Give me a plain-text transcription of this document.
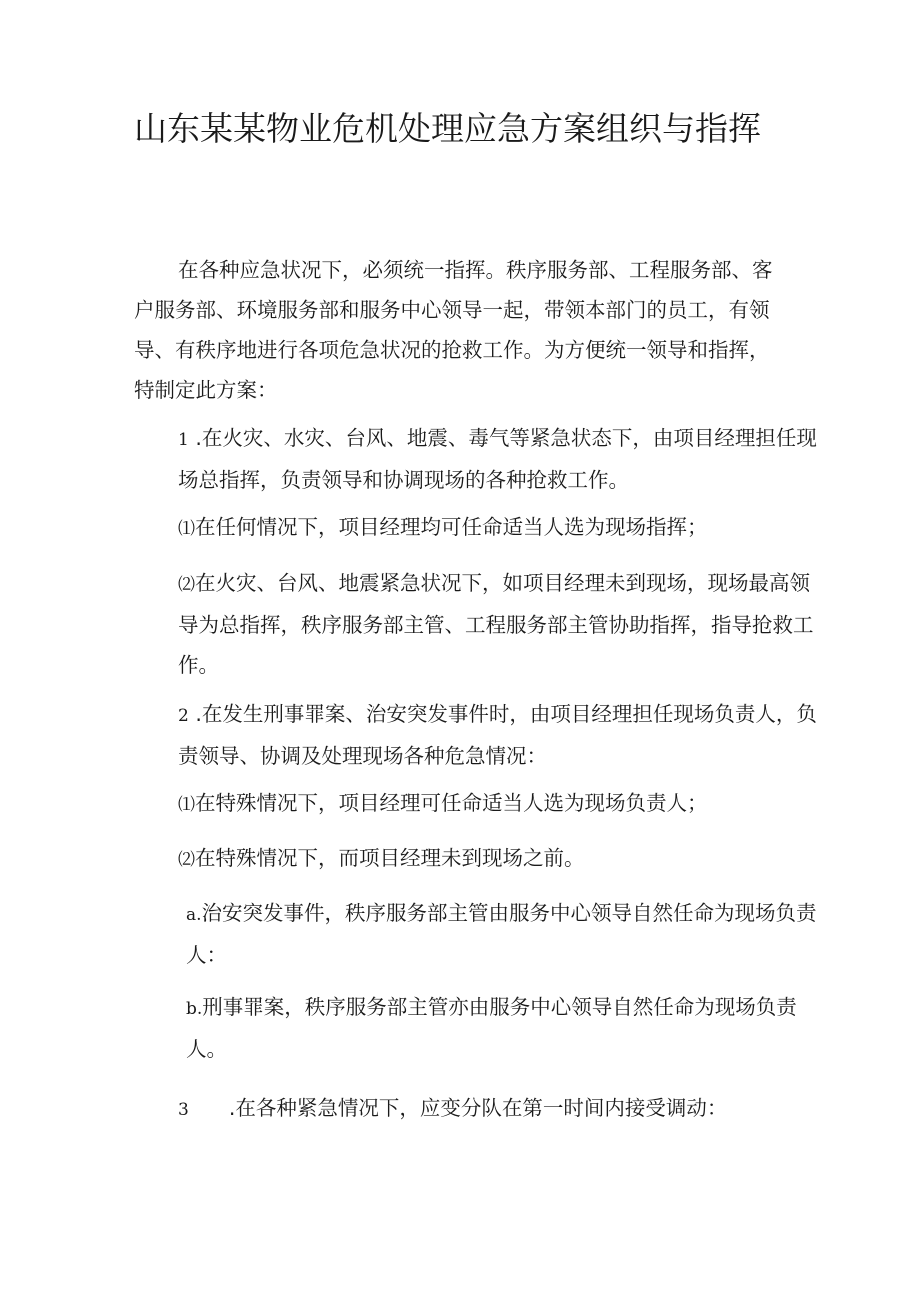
山东某某物业危机处理应急方案组织与指挥

在各种应急状况下，必须统一指挥。秩序服务部、工程服务部、客户服务部、环境服务部和服务中心领导一起，带领本部门的员工，有领导、有秩序地进行各项危急状况的抢救工作。为方便统一领导和指挥，特制定此方案：

1 .在火灾、水灾、台风、地震、毒气等紧急状态下，由项目经理担任现场总指挥，负责领导和协调现场的各种抢救工作。

⑴在任何情况下，项目经理均可任命适当人选为现场指挥；

⑵在火灾、台风、地震紧急状况下，如项目经理未到现场，现场最高领导为总指挥，秩序服务部主管、工程服务部主管协助指挥，指导抢救工作。

2 .在发生刑事罪案、治安突发事件时，由项目经理担任现场负责人，负责领导、协调及处理现场各种危急情况：

⑴在特殊情况下，项目经理可任命适当人选为现场负责人；

⑵在特殊情况下，而项目经理未到现场之前。

a.治安突发事件，秩序服务部主管由服务中心领导自然任命为现场负责人：

b.刑事罪案，秩序服务部主管亦由服务中心领导自然任命为现场负责人。

3 .在各种紧急情况下，应变分队在第一时间内接受调动：
